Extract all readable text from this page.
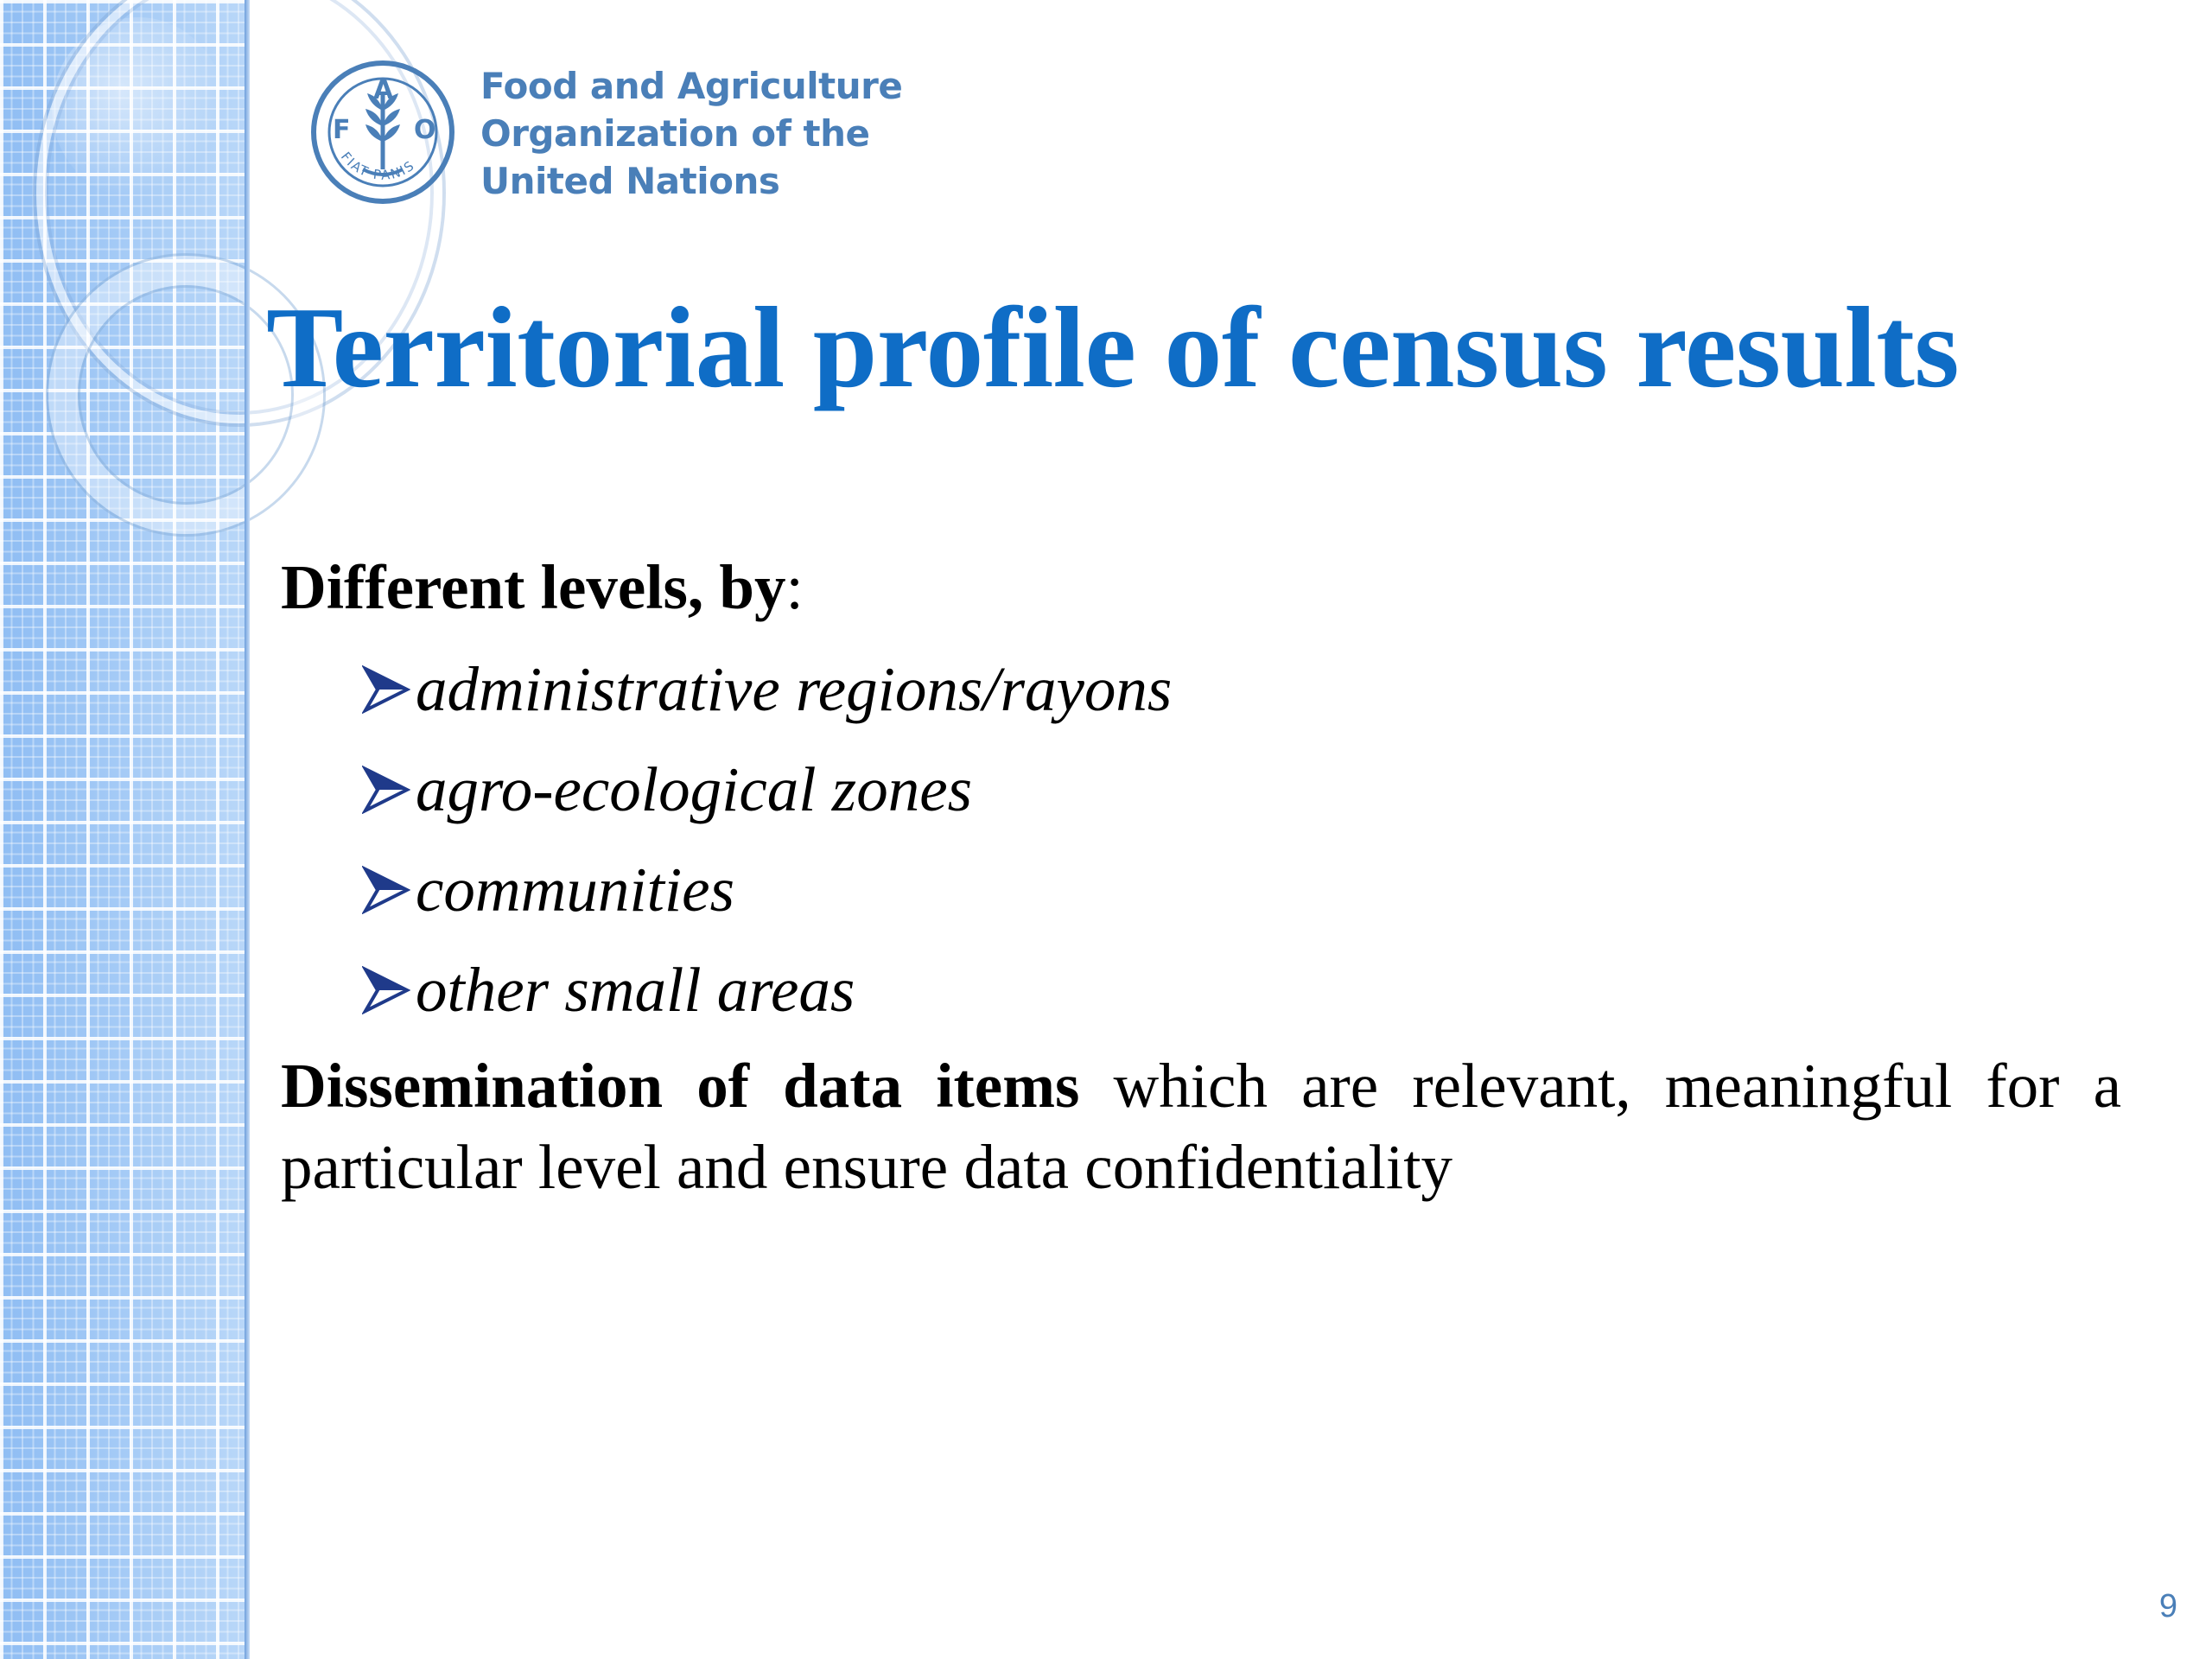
F
A
O
FIAT PANIS
Food and Agriculture
Organization of the
United Nations
Territorial profile of census results
Different levels, by:
administrative regions/rayons
agro-ecological zones
communities
other small areas
Dissemination of data items which are relevant, meaningful for a particular level and ensure data confidentiality
9
